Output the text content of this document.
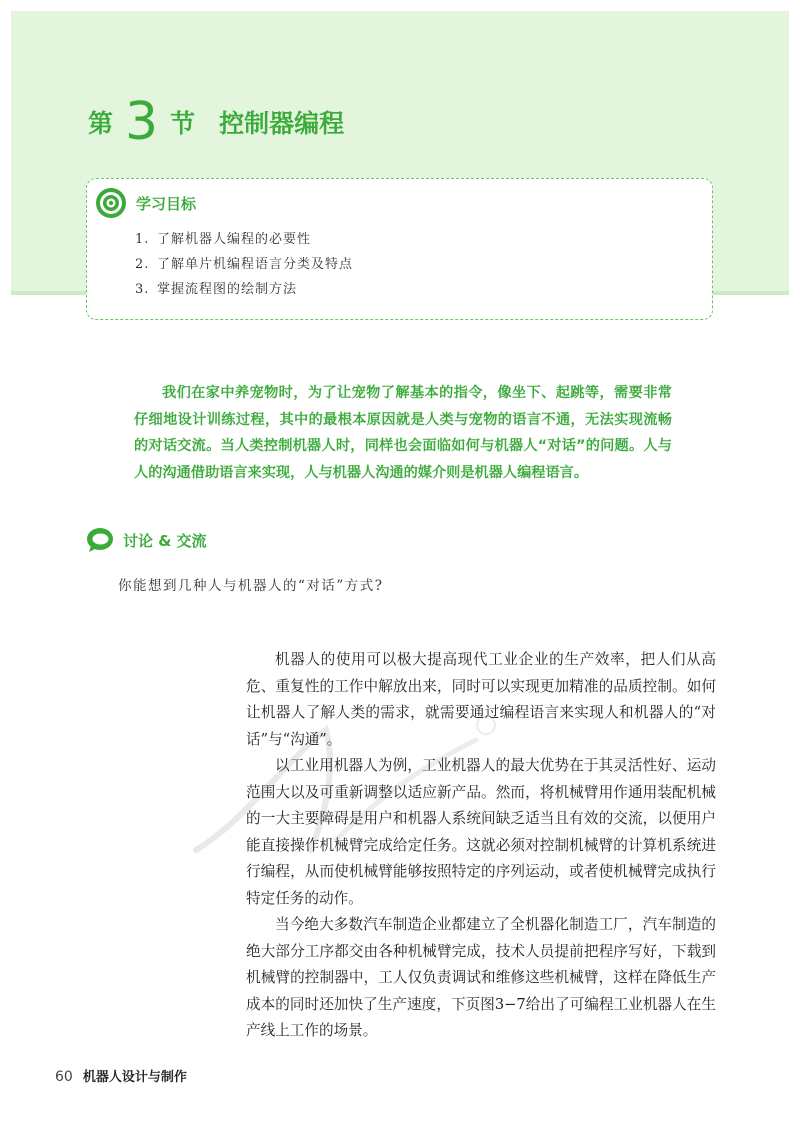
第 3 节 控制器编程
学习目标
1. 了解机器人编程的必要性
2. 了解单片机编程语言分类及特点
3. 掌握流程图的绘制方法

我们在家中养宠物时，为了让宠物了解基本的指令，像坐下、起跳等，需要非常仔细地设计训练过程，其中的最根本原因就是人类与宠物的语言不通，无法实现流畅的对话交流。当人类控制机器人时，同样也会面临如何与机器人“对话”的问题。人与人的沟通借助语言来实现，人与机器人沟通的媒介则是机器人编程语言。

讨论 & 交流
你能想到几种人与机器人的“对话”方式?

机器人的使用可以极大提高现代工业企业的生产效率，把人们从高危、重复性的工作中解放出来，同时可以实现更加精准的品质控制。如何让机器人了解人类的需求，就需要通过编程语言来实现人和机器人的“对话”与“沟通”。

以工业用机器人为例，工业机器人的最大优势在于其灵活性好、运动范围大以及可重新调整以适应新产品。然而，将机械臂用作通用装配机械的一大主要障碍是用户和机器人系统间缺乏适当且有效的交流，以便用户能直接操作机械臂完成给定任务。这就必须对控制机械臂的计算机系统进行编程，从而使机械臂能够按照特定的序列运动，或者使机械臂完成执行特定任务的动作。

当今绝大多数汽车制造企业都建立了全机器化制造工厂，汽车制造的绝大部分工序都交由各种机械臂完成，技术人员提前把程序写好，下载到机械臂的控制器中，工人仅负责调试和维修这些机械臂，这样在降低生产成本的同时还加快了生产速度，下页图3−7给出了可编程工业机器人在生产线上工作的场景。

60 机器人设计与制作
